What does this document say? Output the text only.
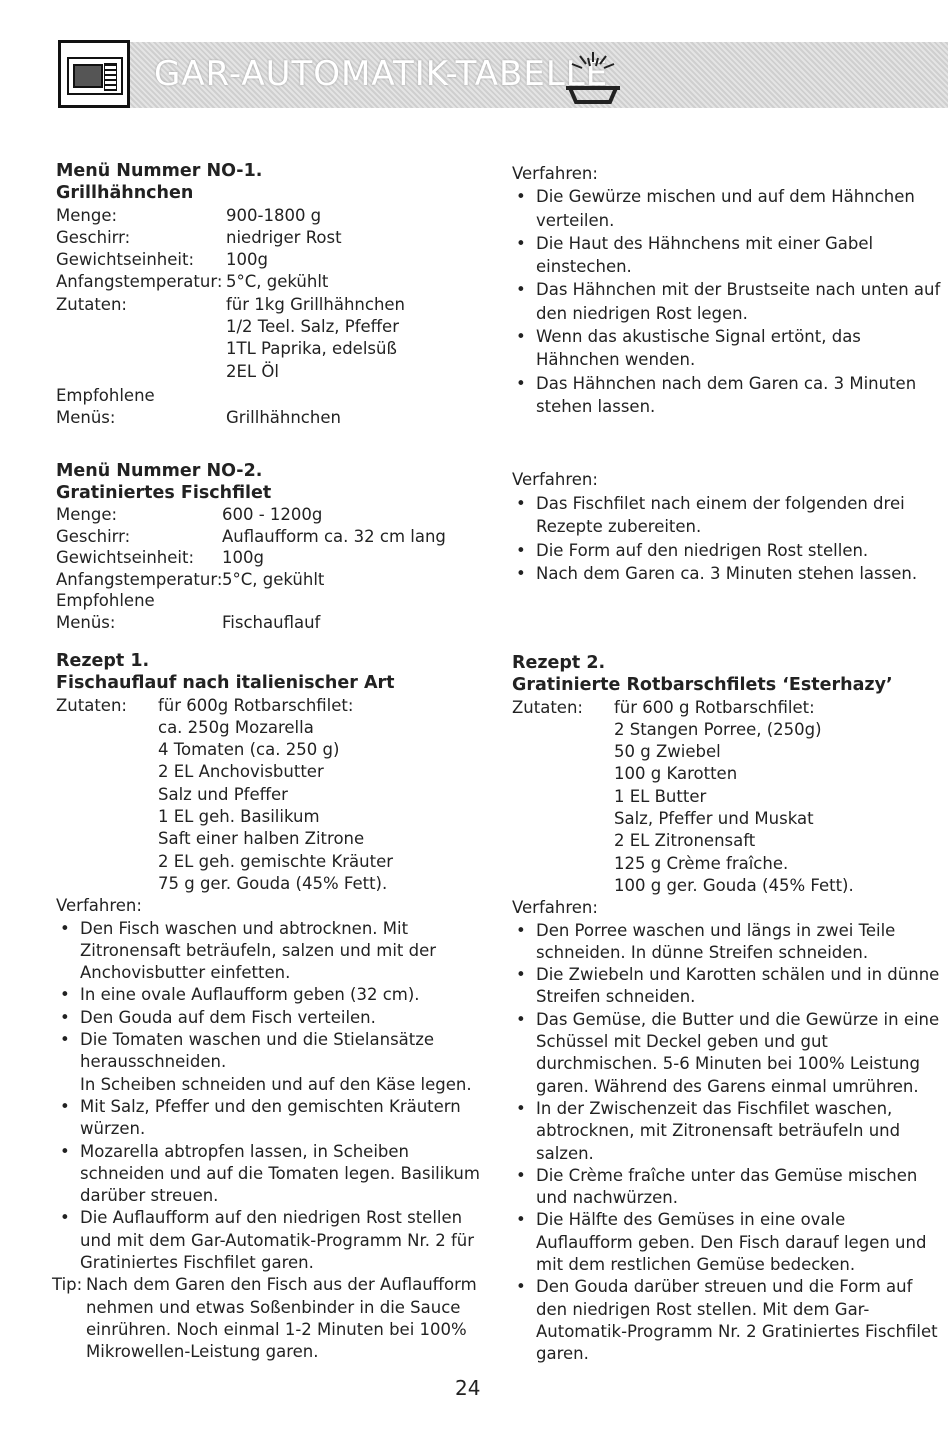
GAR-AUTOMATIK-TABELLE
Menü Nummer NO-1.
Grillhähnchen
Menge:	900-1800 g
Geschirr:	niedriger Rost
Gewichtseinheit:	100g
Anfangstemperatur: 5°C, gekühlt
Zutaten:	für 1kg Grillhähnchen
1/2 Teel. Salz, Pfeffer
1TL Paprika, edelsüß
2EL Öl
Empfohlene
Menüs:	Grillhähnchen
Menü Nummer NO-2.
Gratiniertes Fischfilet
Menge:	600 - 1200g
Geschirr:	Auflaufform ca. 32 cm lang
Gewichtseinheit:	100g
Anfangstemperatur: 5°C, gekühlt
Empfohlene
Menüs:	Fischauflauf
Verfahren:
• Die Gewürze mischen und auf dem Hähnchen verteilen.
• Die Haut des Hähnchens mit einer Gabel einstechen.
• Das Hähnchen mit der Brustseite nach unten auf den niedrigen Rost legen.
• Wenn das akustische Signal ertönt, das Hähnchen wenden.
• Das Hähnchen nach dem Garen ca. 3 Minuten stehen lassen.
Verfahren:
• Das Fischfilet nach einem der folgenden drei Rezepte zubereiten.
• Die Form auf den niedrigen Rost stellen.
• Nach dem Garen ca. 3 Minuten stehen lassen.
Rezept 1.
Fischauflauf nach italienischer Art
Zutaten:	für 600g Rotbarschfilet:
ca. 250g Mozarella
4 Tomaten (ca. 250 g)
2 EL Anchovisbutter
Salz und Pfeffer
1 EL geh. Basilikum
Saft einer halben Zitrone
2 EL geh. gemischte Kräuter
75 g ger. Gouda (45% Fett).
Verfahren:
• Den Fisch waschen und abtrocknen. Mit Zitronensaft beträufeln, salzen und mit der Anchovisbutter einfetten.
• In eine ovale Auflaufform geben (32 cm).
• Den Gouda auf dem Fisch verteilen.
• Die Tomaten waschen und die Stielansätze herausschneiden.
In Scheiben schneiden und auf den Käse legen.
• Mit Salz, Pfeffer und den gemischten Kräutern würzen.
• Mozarella abtropfen lassen, in Scheiben schneiden und auf die Tomaten legen. Basilikum darüber streuen.
• Die Auflaufform auf den niedrigen Rost stellen und mit dem Gar-Automatik-Programm Nr. 2 für Gratiniertes Fischfilet garen.
Tip: Nach dem Garen den Fisch aus der Auflaufform nehmen und etwas Soßenbinder in die Sauce einrühren. Noch einmal 1-2 Minuten bei 100% Mikrowellen-Leistung garen.
Rezept 2.
Gratinierte Rotbarschfilets ‘Esterhazy’
Zutaten:	für 600 g Rotbarschfilet:
2 Stangen Porree, (250g)
50 g Zwiebel
100 g Karotten
1 EL Butter
Salz, Pfeffer und Muskat
2 EL Zitronensaft
125 g Crème fraîche.
100 g ger. Gouda (45% Fett).
Verfahren:
• Den Porree waschen und längs in zwei Teile schneiden. In dünne Streifen schneiden.
• Die Zwiebeln und Karotten schälen und in dünne Streifen schneiden.
• Das Gemüse, die Butter und die Gewürze in eine Schüssel mit Deckel geben und gut durchmischen. 5-6 Minuten bei 100% Leistung garen. Während des Garens einmal umrühren.
• In der Zwischenzeit das Fischfilet waschen, abtrocknen, mit Zitronensaft beträufeln und salzen.
• Die Crème fraîche unter das Gemüse mischen und nachwürzen.
• Die Hälfte des Gemüses in eine ovale Auflaufform geben. Den Fisch darauf legen und mit dem restlichen Gemüse bedecken.
• Den Gouda darüber streuen und die Form auf den niedrigen Rost stellen. Mit dem Gar-Automatik-Programm Nr. 2 Gratiniertes Fischfilet garen.
24
